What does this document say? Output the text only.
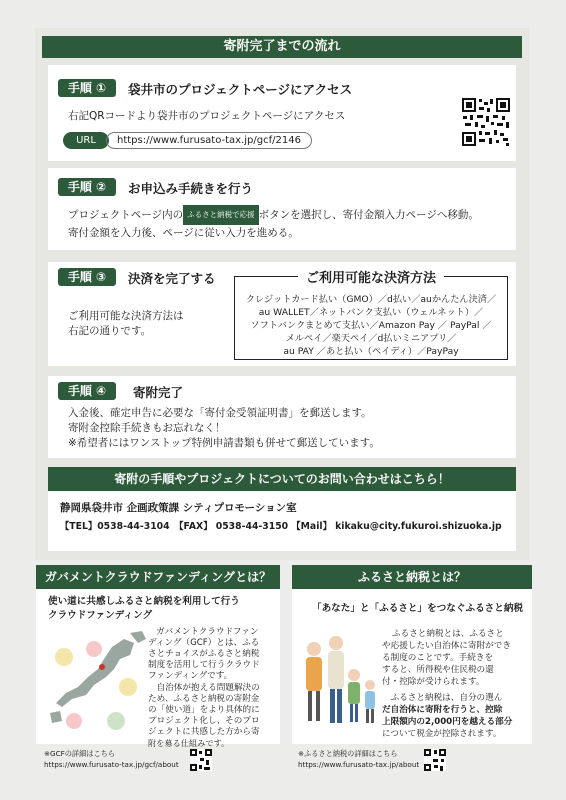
寄附完了までの流れ
手順 ①	袋井市のプロジェクトページにアクセス
右記QRコードより袋井市のプロジェクトページにアクセス
URL	https://www.furusato-tax.jp/gcf/2146
手順 ②	お申込み手続きを行う
プロジェクトページ内の ふるさと納税で応援 ボタンを選択し、寄付金額入力ページへ移動。
寄付金額を入力後、ページに従い入力を進める。
手順 ③	決済を完了する
ご利用可能な決済方法は
右記の通りです。
ご利用可能な決済方法
クレジットカード払い（GMO）／d払い／auかんたん決済／
au WALLET／ネットバンク支払い（ウェルネット）／
ソフトバンクまとめて支払い／Amazon Pay ／ PayPal ／
メルペイ／楽天ペイ／d払いミニアプリ／
au PAY ／あと払い（ペイディ）／PayPay
手順 ④	寄附完了
入金後、確定申告に必要な「寄付金受領証明書」を郵送します。
寄附金控除手続きもお忘れなく！
※希望者にはワンストップ特例申請書類も併せて郵送しています。
寄附の手順やプロジェクトについてのお問い合わせはこちら！
静岡県袋井市 企画政策課 シティプロモーション室
【TEL】0538-44-3104　【FAX】 0538-44-3150 【Mail】 kikaku@city.fukuroi.shizuoka.jp
ガバメントクラウドファンディングとは？
使い道に共感しふるさと納税を利用して行う
クラウドファンディング
ガバメントクラウドファン
ディング（GCF）とは、ふる
さとチョイスがふるさと納税
制度を活用して行うクラウド
ファンディングです。
　自治体が抱える問題解決の
ため、ふるさと納税の寄附金
の「使い道」をより具体的に
プロジェクト化し、そのプロ
ジェクトに共感した方から寄
附を募る仕組みです。
※GCFの詳細はこちら
https://www.furusato-tax.jp/gcf/about
ふるさと納税とは？
「あなた」と「ふるさと」をつなぐふるさと納税
ふるさと納税とは、ふるさと
や応援したい自治体に寄附ができ
る制度のことです。手続きを
すると、所得税や住民税の還
付・控除が受けられます。
　ふるさと納税は、自分の選ん
だ自治体に寄附を行うと、控除
上限額内の2,000円を越える部分
について税金が控除されます。
※ふるさと納税の詳細はこちら
https://www.furusato-tax.jp/about
